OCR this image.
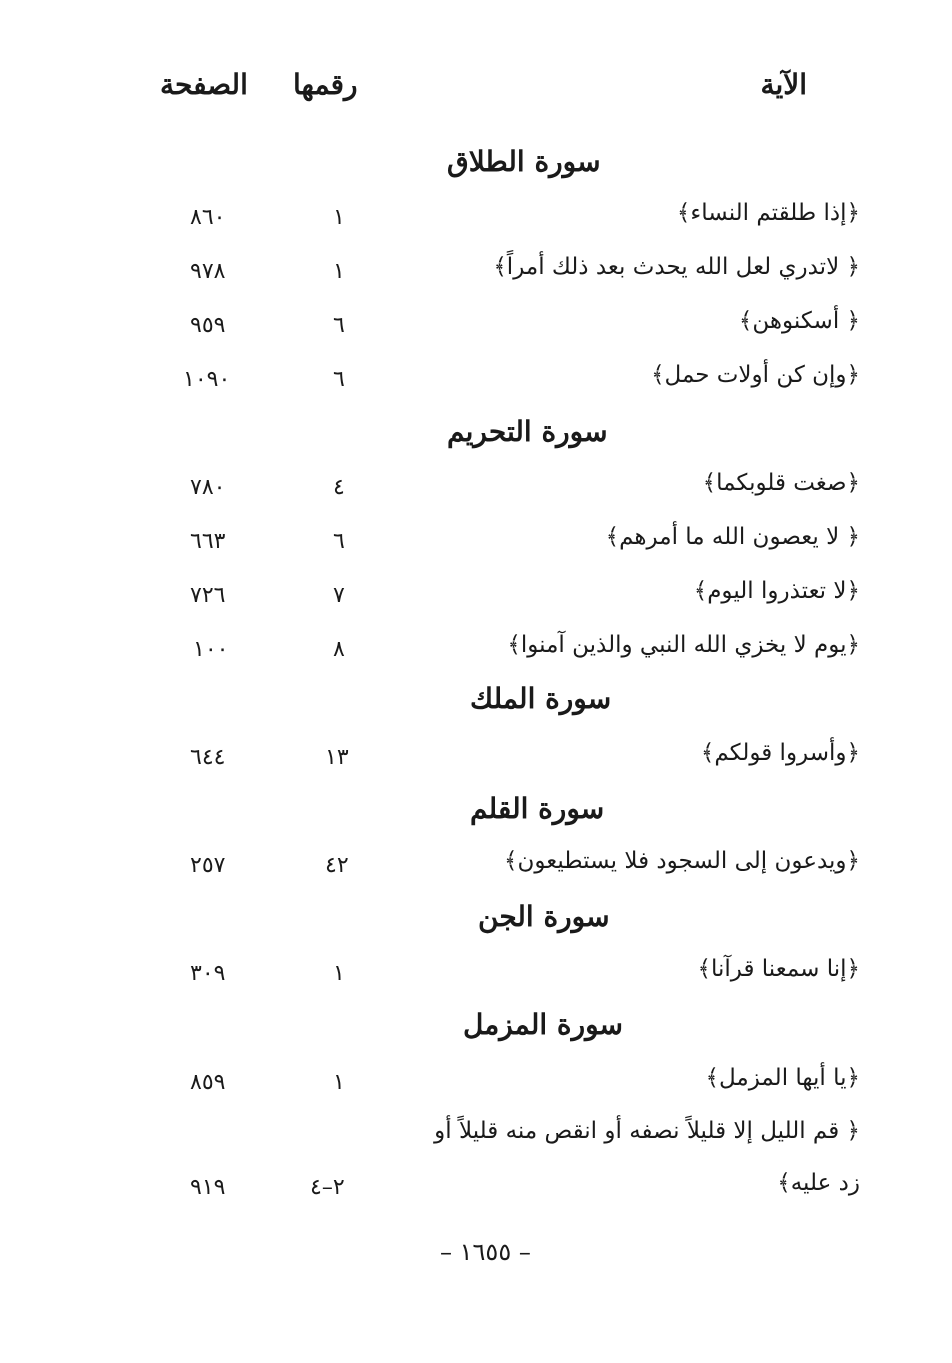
الآية
رقمها
الصفحة
سورة الطلاق
﴿إذا طلقتم النساء﴾
١
٨٦٠
﴿ لاتدري لعل الله يحدث بعد ذلك أمراً﴾
١
٩٧٨
﴿ أسكنوهن﴾
٦
٩٥٩
﴿وإن كن أولات حمل﴾
٦
١٠٩٠
سورة التحريم
﴿صغت قلوبكما﴾
٤
٧٨٠
﴿ لا يعصون الله ما أمرهم﴾
٦
٦٦٣
﴿لا تعتذروا اليوم﴾
٧
٧٢٦
﴿يوم لا يخزي الله النبي والذين آمنوا﴾
٨
١٠٠
سورة الملك
﴿وأسروا قولكم﴾
١٣
٦٤٤
سورة القلم
﴿ويدعون إلى السجود فلا يستطيعون﴾
٤٢
٢٥٧
سورة الجن
﴿إنا سمعنا قرآنا﴾
١
٣٠٩
سورة المزمل
﴿يا أيها المزمل﴾
١
٨٥٩
﴿ قم الليل إلا قليلاً نصفه أو انقص منه قليلاً أو
زد عليه﴾
٢–٤
٩١٩
– ١٦٥٥ –
